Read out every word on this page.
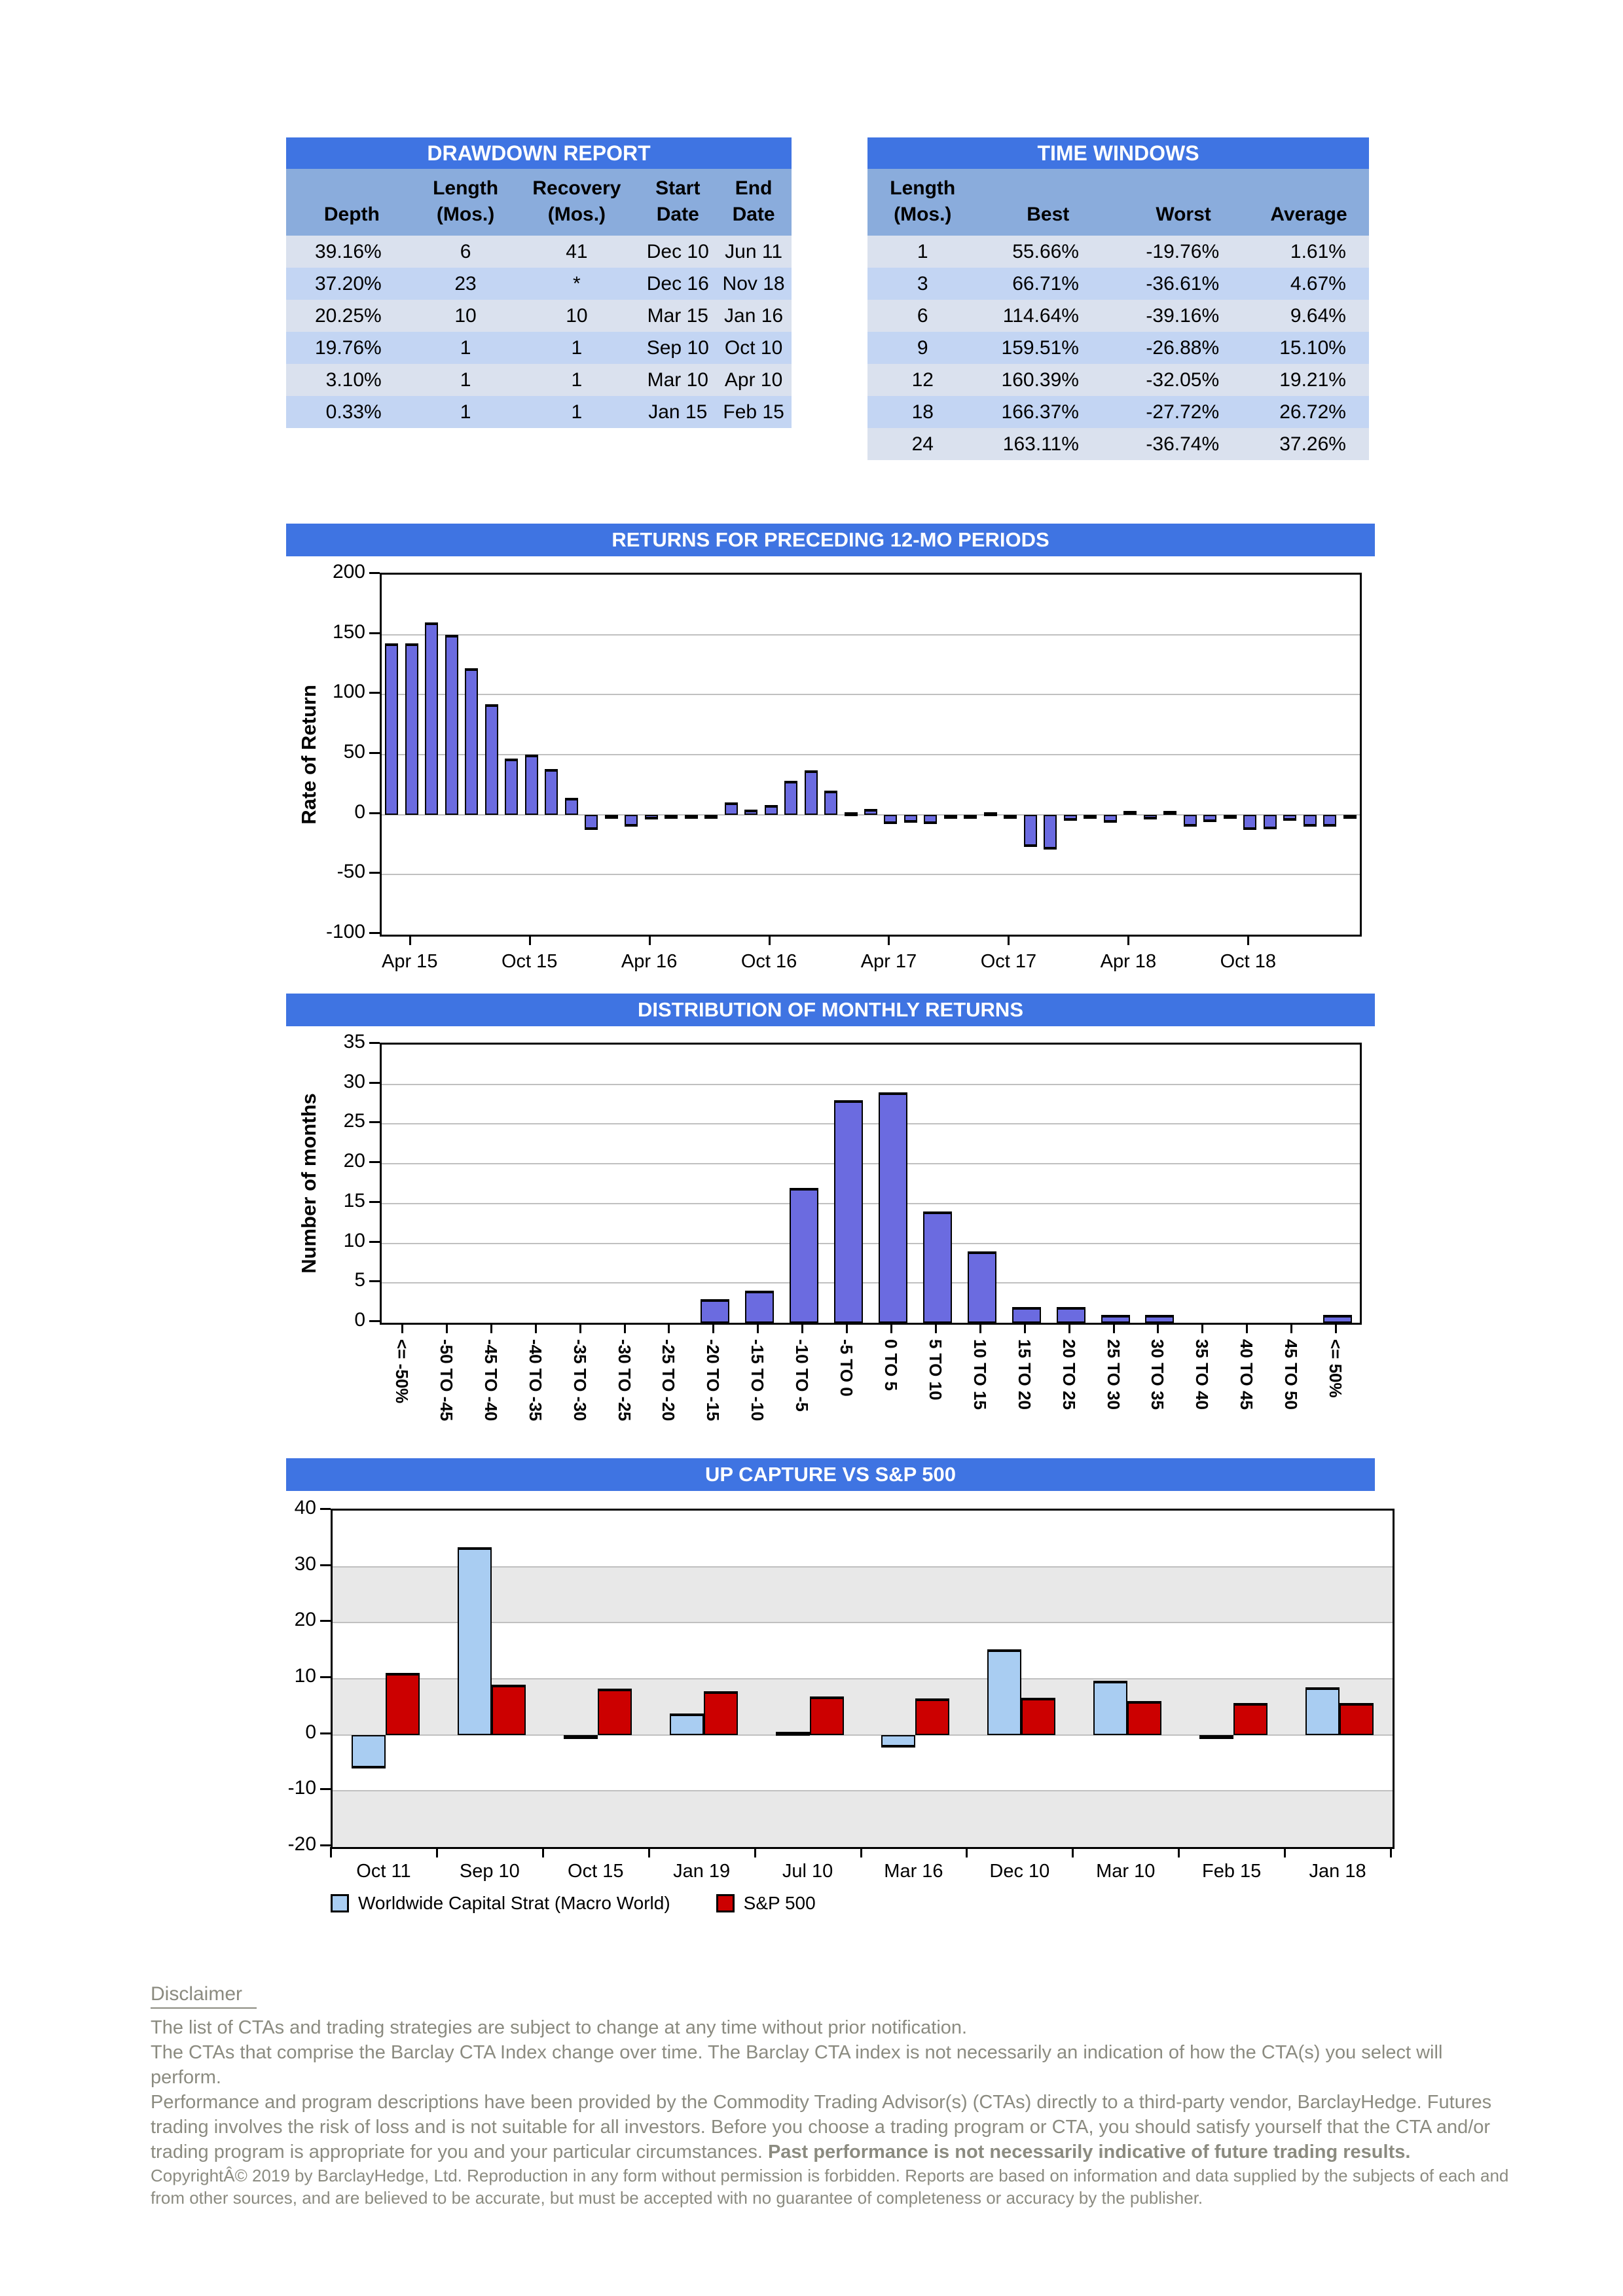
DRAWDOWN REPORT

Depth
Length
(Mos.)
Recovery
(Mos.)
Start
Date
End
Date
39.16%	6	41	Dec 10 Jun 11
37.20%	23	*	Dec 16 Nov 18
20.25%	10	10	Mar 15 Jan 16
19.76%	1	1	Sep 10 Oct 10
3.10%	1	1	Mar 10 Apr 10
0.33%	1	1	Jan 15 Feb 15
TIME WINDOWS
Length
(Mos.)
	Best
	Worst
	Average
1	55.66%	-19.76%	1.61%
3	66.71%	-36.61%	4.67%
6	114.64%	-39.16%	9.64%
9	159.51%	-26.88%	15.10%
12	160.39%	-32.05%	19.21%
18	166.37%	-27.72%	26.72%
24	163.11%	-36.74%	37.26%
RETURNS FOR PRECEDING 12-MO PERIODS
Rate of Return
200
150
100
50
0
-50
-100
Apr 15	Oct 15	Apr 16	Oct 16	Apr 17	Oct 17	Apr 18	Oct 18
DISTRIBUTION OF MONTHLY RETURNS
Number of months
35
30
25
20
15
10
5
0
<= -50% -50 TO -45 -45 TO -40 -40 TO -35 -35 TO -30 -30 TO -25 -25 TO -20 -20 TO -15 -15 TO -10 -10 TO -5 -5 TO 0 0 TO 5 5 TO 10 10 TO 15 15 TO 20 20 TO 25 25 TO 30 30 TO 35 35 TO 40 40 TO 45 45 TO 50 <= 50%
UP CAPTURE VS S&P 500
40
30
20
10
0
-10
-20
Oct 11	Sep 10	Oct 15	Jan 19	Jul 10	Mar 16	Dec 10	Mar 10	Feb 15	Jan 18
Worldwide Capital Strat (Macro World)	S&P 500
Disclaimer

The list of CTAs and trading strategies are subject to change at any time without prior notification.

The CTAs that comprise the Barclay CTA Index change over time. The Barclay CTA index is not necessarily an indication of how the CTA(s) you select will perform.

Performance and program descriptions have been provided by the Commodity Trading Advisor(s) (CTAs) directly to a third-party vendor, BarclayHedge. Futures trading involves the risk of loss and is not suitable for all investors. Before you choose a trading program or CTA, you should satisfy yourself that the CTA and/or trading program is appropriate for you and your particular circumstances. Past performance is not necessarily indicative of future trading results.

CopyrightÂ© 2019 by BarclayHedge, Ltd. Reproduction in any form without permission is forbidden. Reports are based on information and data supplied by the subjects of each and from other sources, and are believed to be accurate, but must be accepted with no guarantee of completeness or accuracy by the publisher.
